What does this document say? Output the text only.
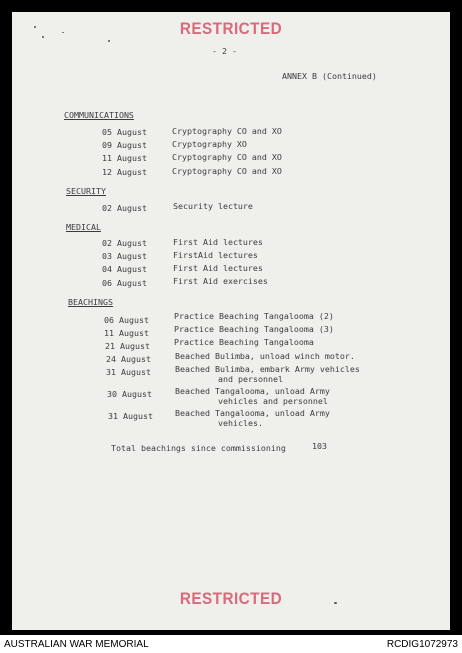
RESTRICTED
- 2 -
ANNEX B (Continued)
COMMUNICATIONS
05 August	Cryptography CO and XO
09 August	Cryptography XO
11 August	Cryptography CO and XO
12 August	Cryptography CO and XO
SECURITY
02 August	Security lecture
MEDICAL
02 August	First Aid lectures
03 August	FirstAid lectures
04 August	First Aid lectures
06 August	First Aid exercises
BEACHINGS
06 August	Practice Beaching Tangalooma (2)
11 August	Practice Beaching Tangalooma (3)
21 August	Practice Beaching Tangalooma
24 August	Beached Bulimba, unload winch motor.
31 August	Beached Bulimba, embark Army vehicles
and personnel
30 August	Beached Tangalooma, unload Army
vehicles and personnel
31 August	Beached Tangalooma, unload Army
vehicles.
Total beachings since commissioning	103
RESTRICTED
AUSTRALIAN WAR MEMORIAL	RCDIG1072973
